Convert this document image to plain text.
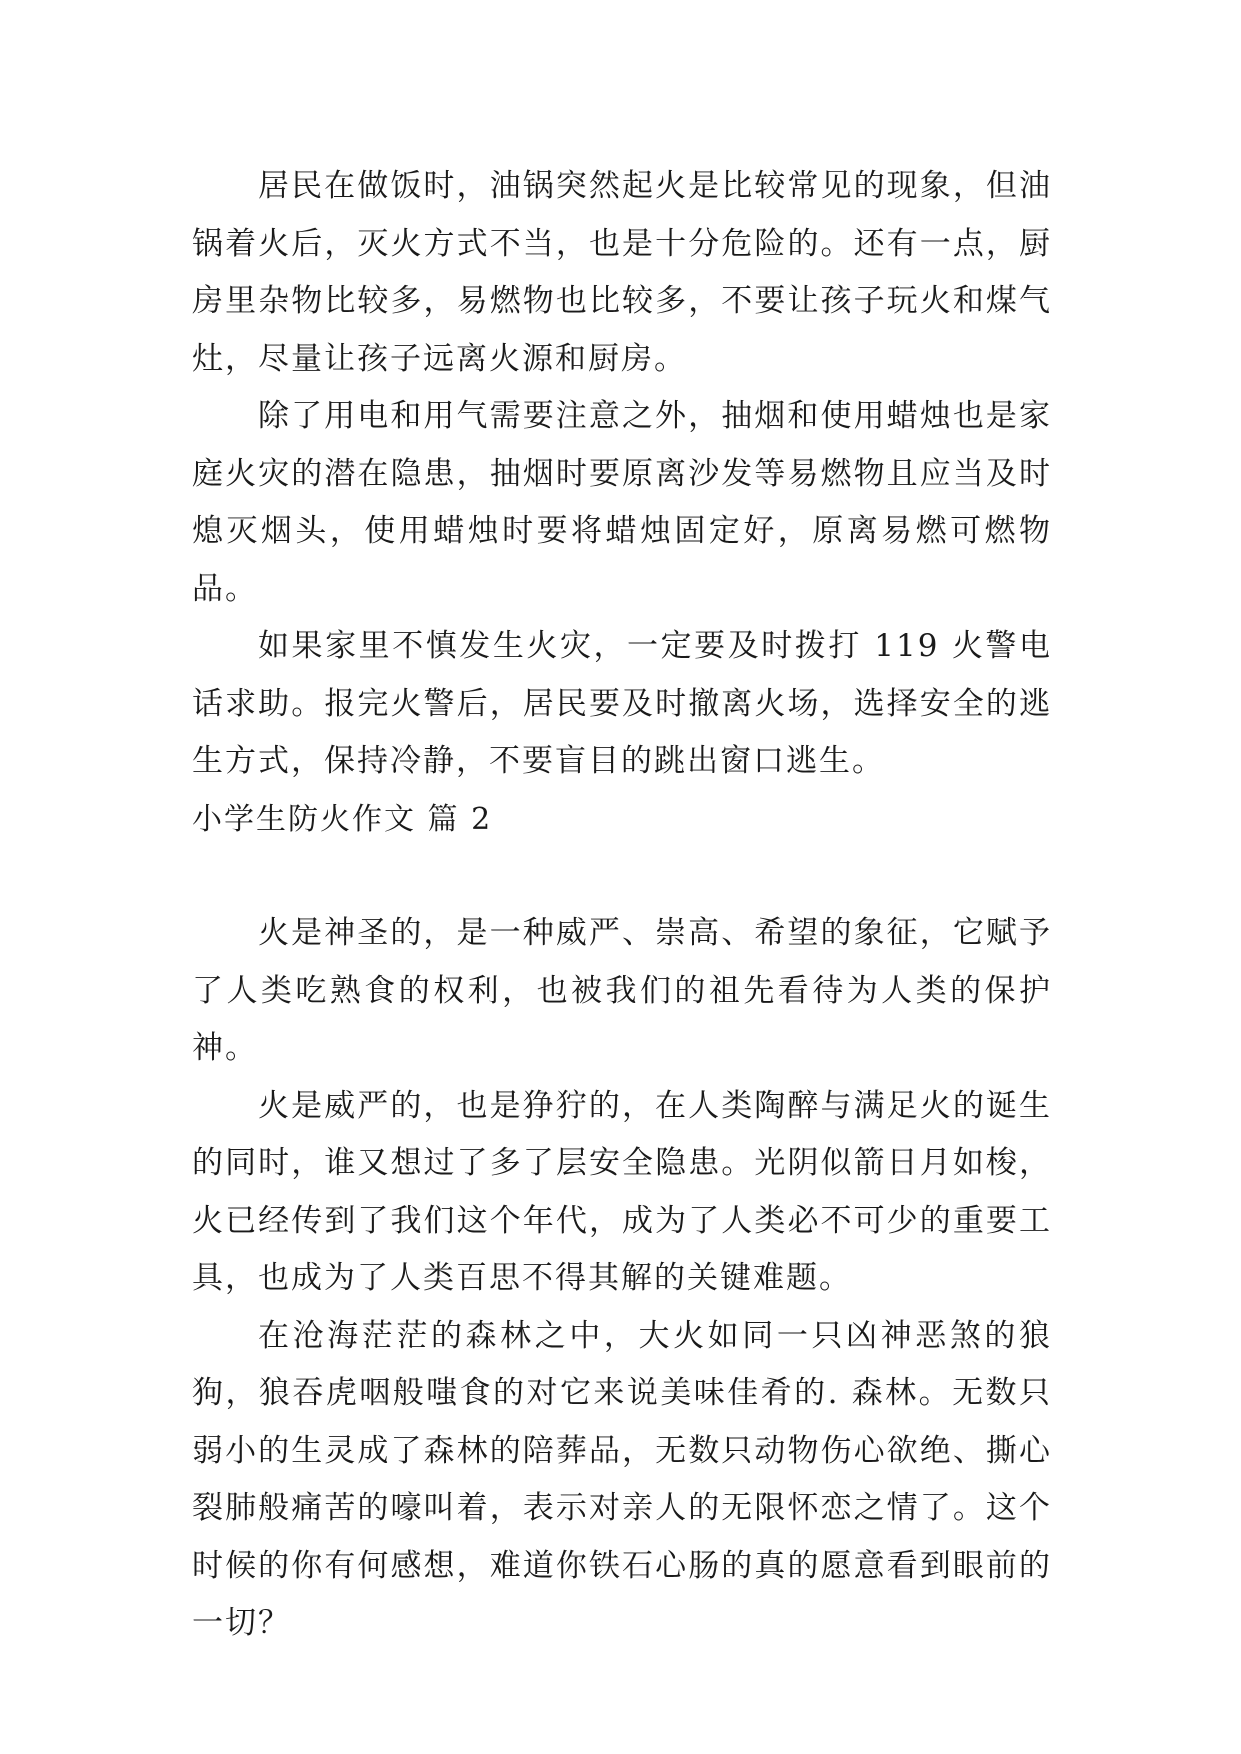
居民在做饭时，油锅突然起火是比较常见的现象，但油锅着火后，灭火方式不当，也是十分危险的。还有一点，厨房里杂物比较多，易燃物也比较多，不要让孩子玩火和煤气灶，尽量让孩子远离火源和厨房。

除了用电和用气需要注意之外，抽烟和使用蜡烛也是家庭火灾的潜在隐患，抽烟时要原离沙发等易燃物且应当及时熄灭烟头，使用蜡烛时要将蜡烛固定好，原离易燃可燃物品。

如果家里不慎发生火灾，一定要及时拨打 119 火警电话求助。报完火警后，居民要及时撤离火场，选择安全的逃生方式，保持冷静，不要盲目的跳出窗口逃生。

小学生防火作文 篇 2

火是神圣的，是一种威严、崇高、希望的象征，它赋予了人类吃熟食的权利，也被我们的祖先看待为人类的保护神。

火是威严的，也是狰狞的，在人类陶醉与满足火的诞生的同时，谁又想过了多了层安全隐患。光阴似箭日月如梭，火已经传到了我们这个年代，成为了人类必不可少的重要工具，也成为了人类百思不得其解的关键难题。

在沧海茫茫的森林之中，大火如同一只凶神恶煞的狼狗，狼吞虎咽般嗤食的对它来说美味佳肴的. 森林。无数只弱小的生灵成了森林的陪葬品，无数只动物伤心欲绝、撕心裂肺般痛苦的嚎叫着，表示对亲人的无限怀恋之情了。这个时候的你有何感想，难道你铁石心肠的真的愿意看到眼前的一切？
